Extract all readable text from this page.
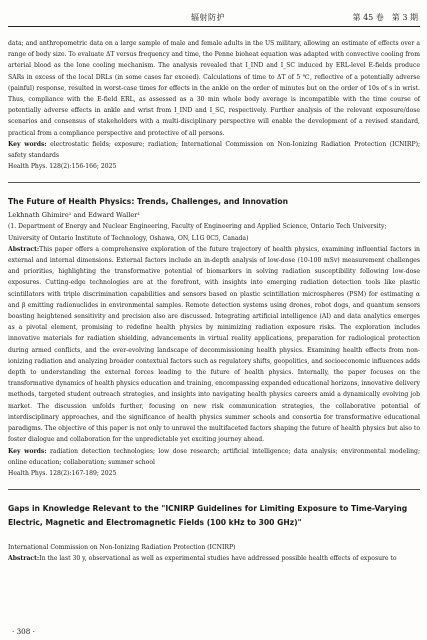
辐射防护	第 45 卷　第 3 期

data; and anthropometric data on a large sample of male and female adults in the US military, allowing an estimate of effects over a range of body size. To evaluate ΔT versus frequency and time, the Penne bioheat equation was adapted with convective cooling from arterial blood as the lone cooling mechanism. The analysis revealed that I_IND and I_SC induced by ERL-level E-fields produce SARs in excess of the local DRLs (in some cases far exceed). Calculations of time to ΔT of 5 ℃, reflective of a potentially adverse (painful) response, resulted in worst-case times for effects in the ankle on the order of minutes but on the order of 10s of s in wrist. Thus, compliance with the E-field ERL, as assessed as a 30 min whole body average is incompatible with the time course of potentially adverse effects in ankle and wrist from I_IND and I_SC, respectively. Further analysis of the relevant exposure/dose scenarios and consensus of stakeholders with a multi-disciplinary perspective will enable the development of a revised standard, practical from a compliance perspective and protective of all persons.

Key words: electrostatic fields; exposure; radiation; International Commission on Non-Ionizing Radiation Protection (ICNIRP); safety standards

Health Phys. 128(2):156-166; 2025
The Future of Health Physics: Trends, Challenges, and Innovation
Lekhnath Ghimire¹ and Edward Waller¹
(1. Department of Energy and Nuclear Engineering, Faculty of Engineering and Applied Science, Ontario Tech University; University of Ontario Institute of Technology, Oshawa, ON, L1G 0C5, Canada)

Abstract:This paper offers a comprehensive exploration of the future trajectory of health physics, examining influential factors in external and internal dimensions. External factors include an in-depth analysis of low-dose (10-100 mSv) measurement challenges and priorities, highlighting the transformative potential of biomarkers in solving radiation susceptibility following low-dose exposures. Cutting-edge technologies are at the forefront, with insights into emerging radiation detection tools like plastic scintillators with triple discrimination capabilities and sensors based on plastic scintillation microspheres (PSM) for estimating α and β emitting radionuclides in environmental samples. Remote detection systems using drones, robot dogs, and quantum sensors boasting heightened sensitivity and precision also are discussed. Integrating artificial intelligence (AI) and data analytics emerges as a pivotal element, promising to redefine health physics by minimizing radiation exposure risks. The exploration includes innovative materials for radiation shielding, advancements in virtual reality applications, preparation for radiological protection during armed conflicts, and the ever-evolving landscape of decommissioning health physics. Examining health effects from non-ionizing radiation and analyzing broader contextual factors such as regulatory shifts, geopolitics, and socioeconomic influences adds depth to understanding the external forces leading to the future of health physics. Internally, the paper focuses on the transformative dynamics of health physics education and training, encompassing expanded educational horizons, innovative delivery methods, targeted student outreach strategies, and insights into navigating health physics careers amid a dynamically evolving job market. The discussion unfolds further, focusing on new risk communication strategies, the collaborative potential of interdisciplinary approaches, and the significance of health physics summer schools and consortia for transformative educational paradigms. The objective of this paper is not only to unravel the multifaceted factors shaping the future of health physics but also to foster dialogue and collaboration for the unpredictable yet exciting journey ahead.

Key words: radiation detection technologies; low dose research; artificial intelligence; data analysis; environmental modeling; online education; collaboration; summer school

Health Phys. 128(2):167-189; 2025
Gaps in Knowledge Relevant to the "ICNIRP Guidelines for Limiting Exposure to Time-Varying Electric, Magnetic and Electromagnetic Fields (100 kHz to 300 GHz)"
International Commission on Non-Ionizing Radiation Protection (ICNIRP)

Abstract:In the last 30 y, observational as well as experimental studies have addressed possible health effects of exposure to

· 308 ·
